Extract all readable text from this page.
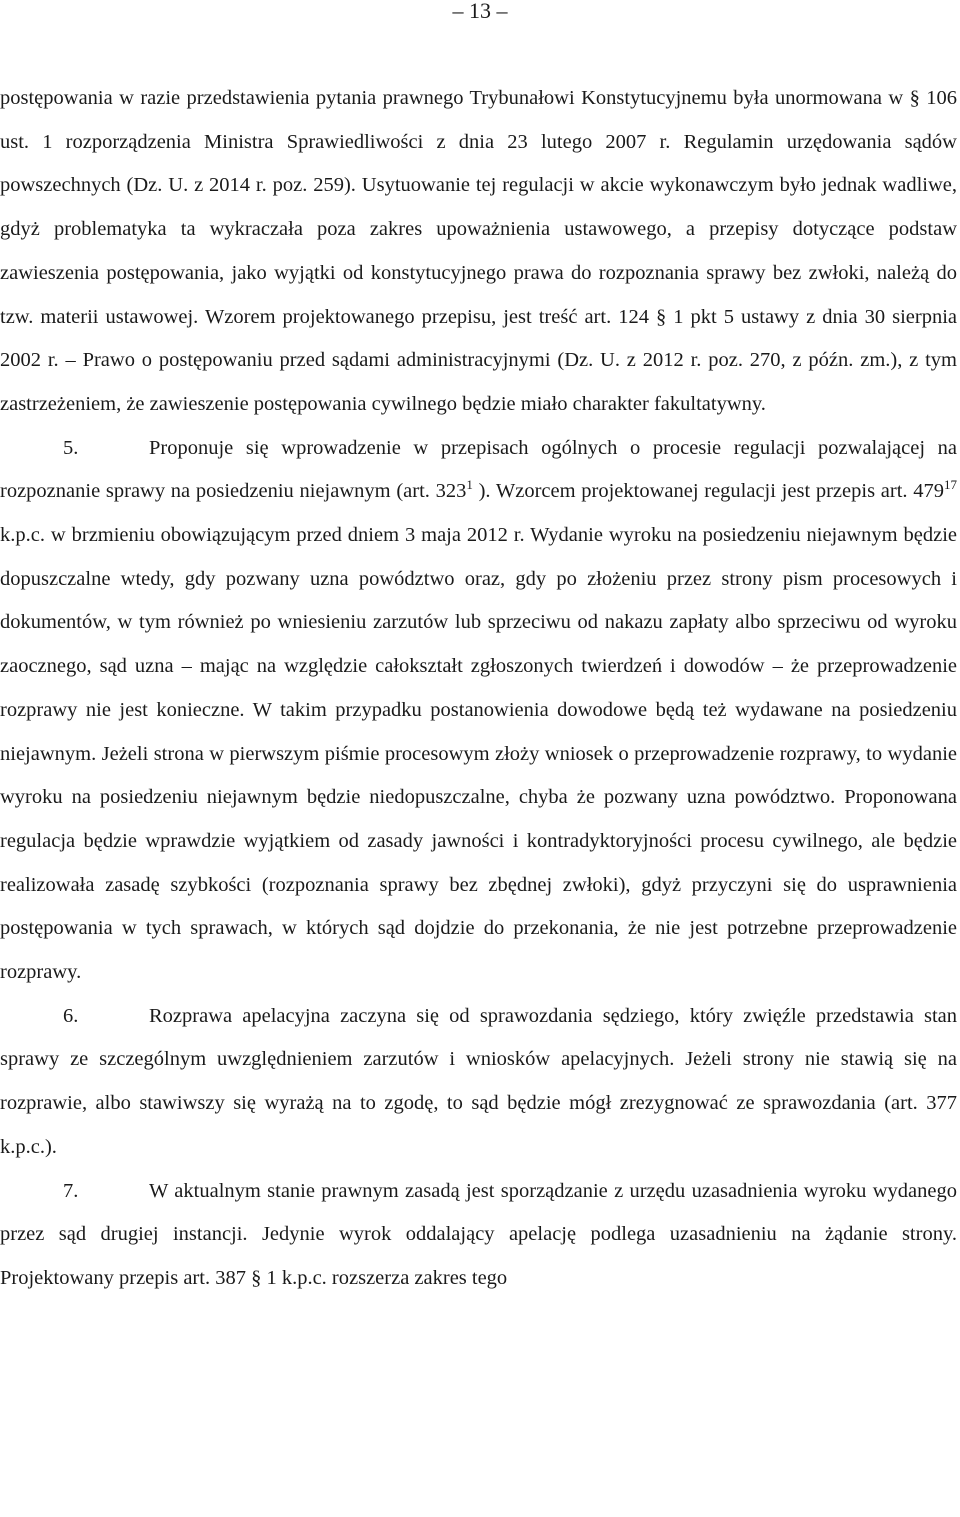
– 13 –

postępowania w razie przedstawienia pytania prawnego Trybunałowi Konstytucyjnemu była unormowana w § 106 ust. 1 rozporządzenia Ministra Sprawiedliwości z dnia 23 lutego 2007 r. Regulamin urzędowania sądów powszechnych (Dz. U. z 2014 r. poz. 259). Usytuowanie tej regulacji w akcie wykonawczym było jednak wadliwe, gdyż problematyka ta wykraczała poza zakres upoważnienia ustawowego, a przepisy dotyczące podstaw zawieszenia postępowania, jako wyjątki od konstytucyjnego prawa do rozpoznania sprawy bez zwłoki, należą do tzw. materii ustawowej. Wzorem projektowanego przepisu, jest treść art. 124 § 1 pkt 5 ustawy z dnia 30 sierpnia 2002 r. – Prawo o postępowaniu przed sądami administracyjnymi (Dz. U. z 2012 r. poz. 270, z późn. zm.), z tym zastrzeżeniem, że zawieszenie postępowania cywilnego będzie miało charakter fakultatywny.

5.	Proponuje się wprowadzenie w przepisach ogólnych o procesie regulacji pozwalającej na rozpoznanie sprawy na posiedzeniu niejawnym (art. $323^1$ ). Wzorcem projektowanej regulacji jest przepis art. $479^{17}$ k.p.c. w brzmieniu obowiązującym przed dniem 3 maja 2012 r. Wydanie wyroku na posiedzeniu niejawnym będzie dopuszczalne wtedy, gdy pozwany uzna powództwo oraz, gdy po złożeniu przez strony pism procesowych i dokumentów, w tym również po wniesieniu zarzutów lub sprzeciwu od nakazu zapłaty albo sprzeciwu od wyroku zaocznego, sąd uzna – mając na względzie całokształt zgłoszonych twierdzeń i dowodów – że przeprowadzenie rozprawy nie jest konieczne. W takim przypadku postanowienia dowodowe będą też wydawane na posiedzeniu niejawnym. Jeżeli strona w pierwszym piśmie procesowym złoży wniosek o przeprowadzenie rozprawy, to wydanie wyroku na posiedzeniu niejawnym będzie niedopuszczalne, chyba że pozwany uzna powództwo. Proponowana regulacja będzie wprawdzie wyjątkiem od zasady jawności i kontradyktoryjności procesu cywilnego, ale będzie realizowała zasadę szybkości (rozpoznania sprawy bez zbędnej zwłoki), gdyż przyczyni się do usprawnienia postępowania w tych sprawach, w których sąd dojdzie do przekonania, że nie jest potrzebne przeprowadzenie rozprawy.

6.	Rozprawa apelacyjna zaczyna się od sprawozdania sędziego, który zwięźle przedstawia stan sprawy ze szczególnym uwzględnieniem zarzutów i wniosków apelacyjnych. Jeżeli strony nie stawią się na rozprawie, albo stawiwszy się wyrażą na to zgodę, to sąd będzie mógł zrezygnować ze sprawozdania (art. 377 k.p.c.).

7.	W aktualnym stanie prawnym zasadą jest sporządzanie z urzędu uzasadnienia wyroku wydanego przez sąd drugiej instancji. Jedynie wyrok oddalający apelację podlega uzasadnieniu na żądanie strony. Projektowany przepis art. 387 § 1 k.p.c. rozszerza zakres tego
